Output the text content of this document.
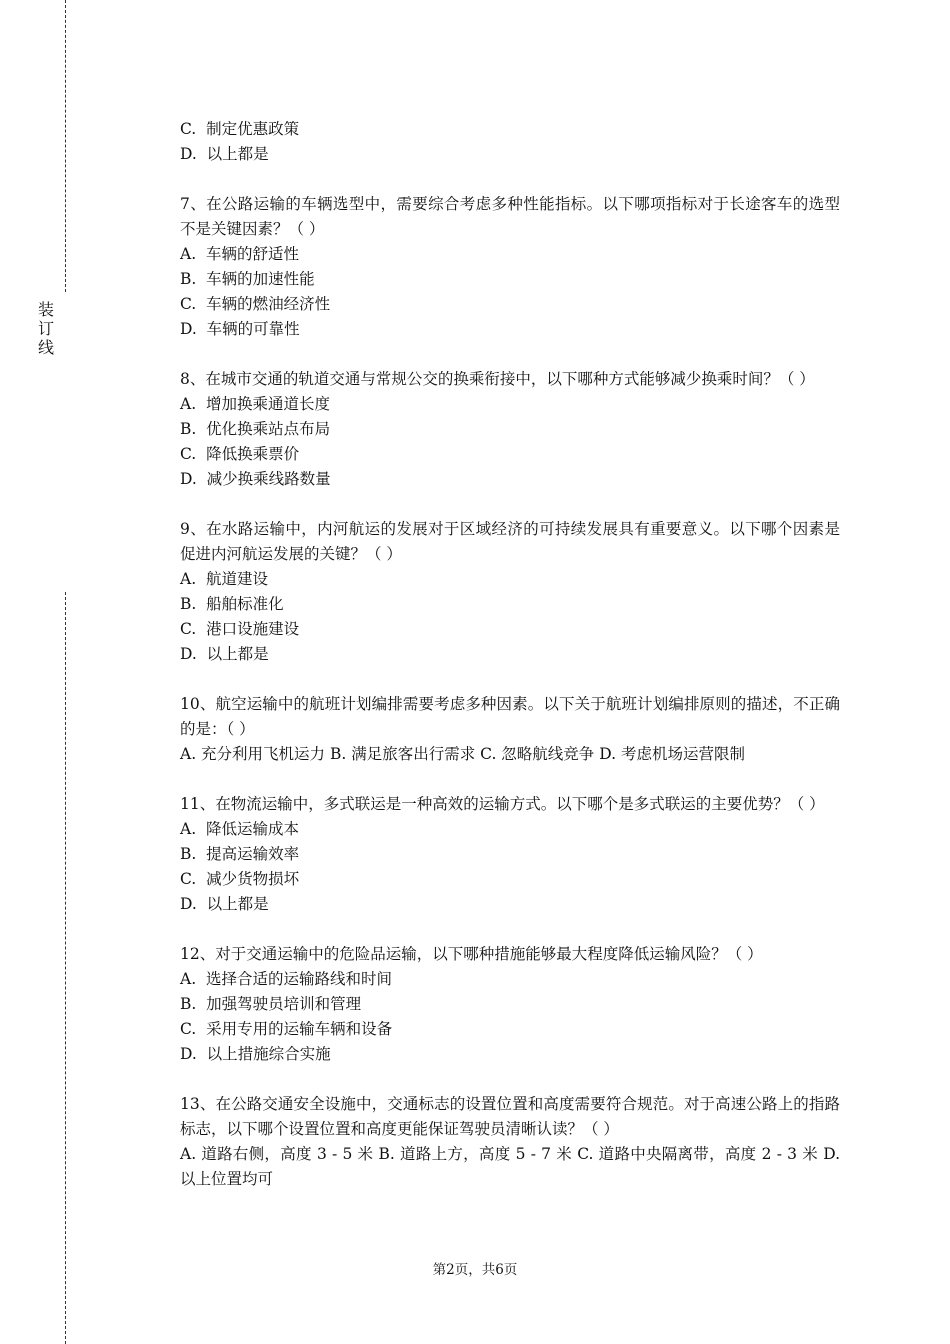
装订线
C.  制定优惠政策
D.  以上都是
7、在公路运输的车辆选型中，需要综合考虑多种性能指标。以下哪项指标对于长途客车的选型不是关键因素？（ ）
A.  车辆的舒适性
B.  车辆的加速性能
C.  车辆的燃油经济性
D.  车辆的可靠性
8、在城市交通的轨道交通与常规公交的换乘衔接中，以下哪种方式能够减少换乘时间？（ ）
A.  增加换乘通道长度
B.  优化换乘站点布局
C.  降低换乘票价
D.  减少换乘线路数量
9、在水路运输中，内河航运的发展对于区域经济的可持续发展具有重要意义。以下哪个因素是促进内河航运发展的关键？（ ）
A.  航道建设
B.  船舶标准化
C.  港口设施建设
D.  以上都是
10、航空运输中的航班计划编排需要考虑多种因素。以下关于航班计划编排原则的描述，不正确的是：（ ）
A. 充分利用飞机运力 B. 满足旅客出行需求 C. 忽略航线竞争 D. 考虑机场运营限制
11、在物流运输中，多式联运是一种高效的运输方式。以下哪个是多式联运的主要优势？（ ）
A.  降低运输成本
B.  提高运输效率
C.  减少货物损坏
D.  以上都是
12、对于交通运输中的危险品运输，以下哪种措施能够最大程度降低运输风险？（ ）
A.  选择合适的运输路线和时间
B.  加强驾驶员培训和管理
C.  采用专用的运输车辆和设备
D.  以上措施综合实施
13、在公路交通安全设施中，交通标志的设置位置和高度需要符合规范。对于高速公路上的指路标志，以下哪个设置位置和高度更能保证驾驶员清晰认读？（ ）
A. 道路右侧，高度 3 - 5 米 B. 道路上方，高度 5 - 7 米 C. 道路中央隔离带，高度 2 - 3 米 D. 以上位置均可
第2页，共6页
